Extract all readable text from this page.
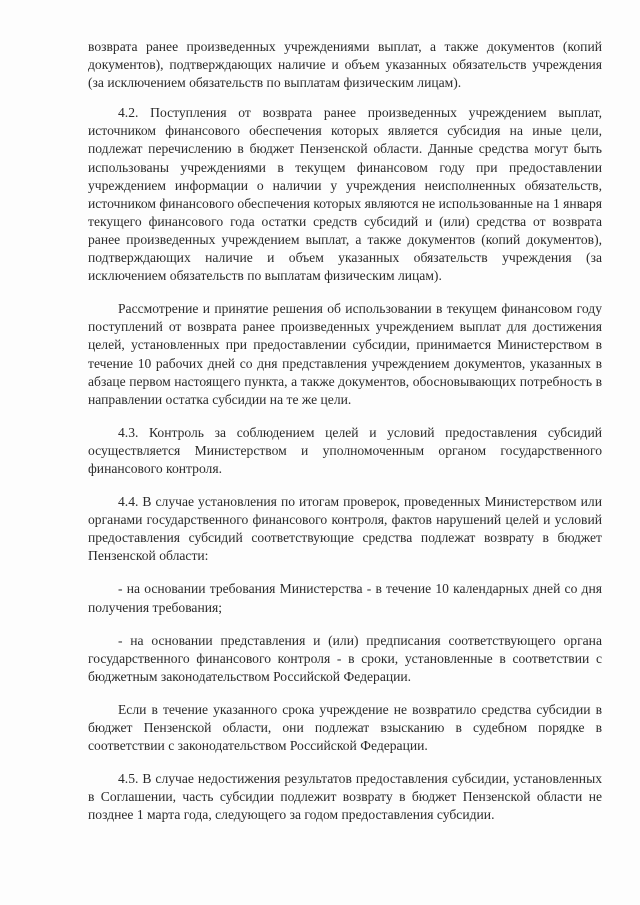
возврата ранее произведенных учреждениями выплат, а также документов (копий документов), подтверждающих наличие и объем указанных обязательств учреждения (за исключением обязательств по выплатам физическим лицам).

4.2. Поступления от возврата ранее произведенных учреждением выплат, источником финансового обеспечения которых является субсидия на иные цели, подлежат перечислению в бюджет Пензенской области. Данные средства могут быть использованы учреждениями в текущем финансовом году при предоставлении учреждением информации о наличии у учреждения неисполненных обязательств, источником финансового обеспечения которых являются не использованные на 1 января текущего финансового года остатки средств субсидий и (или) средства от возврата ранее произведенных учреждением выплат, а также документов (копий документов), подтверждающих наличие и объем указанных обязательств учреждения (за исключением обязательств по выплатам физическим лицам).

Рассмотрение и принятие решения об использовании в текущем финансовом году поступлений от возврата ранее произведенных учреждением выплат для достижения целей, установленных при предоставлении субсидии, принимается Министерством в течение 10 рабочих дней со дня представления учреждением документов, указанных в абзаце первом настоящего пункта, а также документов, обосновывающих потребность в направлении остатка субсидии на те же цели.

4.3. Контроль за соблюдением целей и условий предоставления субсидий осуществляется Министерством и уполномоченным органом государственного финансового контроля.

4.4. В случае установления по итогам проверок, проведенных Министерством или органами государственного финансового контроля, фактов нарушений целей и условий предоставления субсидий соответствующие средства подлежат возврату в бюджет Пензенской области:

- на основании требования Министерства - в течение 10 календарных дней со дня получения требования;

- на основании представления и (или) предписания соответствующего органа государственного финансового контроля - в сроки, установленные в соответствии с бюджетным законодательством Российской Федерации.

Если в течение указанного срока учреждение не возвратило средства субсидии в бюджет Пензенской области, они подлежат взысканию в судебном порядке в соответствии с законодательством Российской Федерации.

4.5. В случае недостижения результатов предоставления субсидии, установленных в Соглашении, часть субсидии подлежит возврату в бюджет Пензенской области не позднее 1 марта года, следующего за годом предоставления субсидии.
